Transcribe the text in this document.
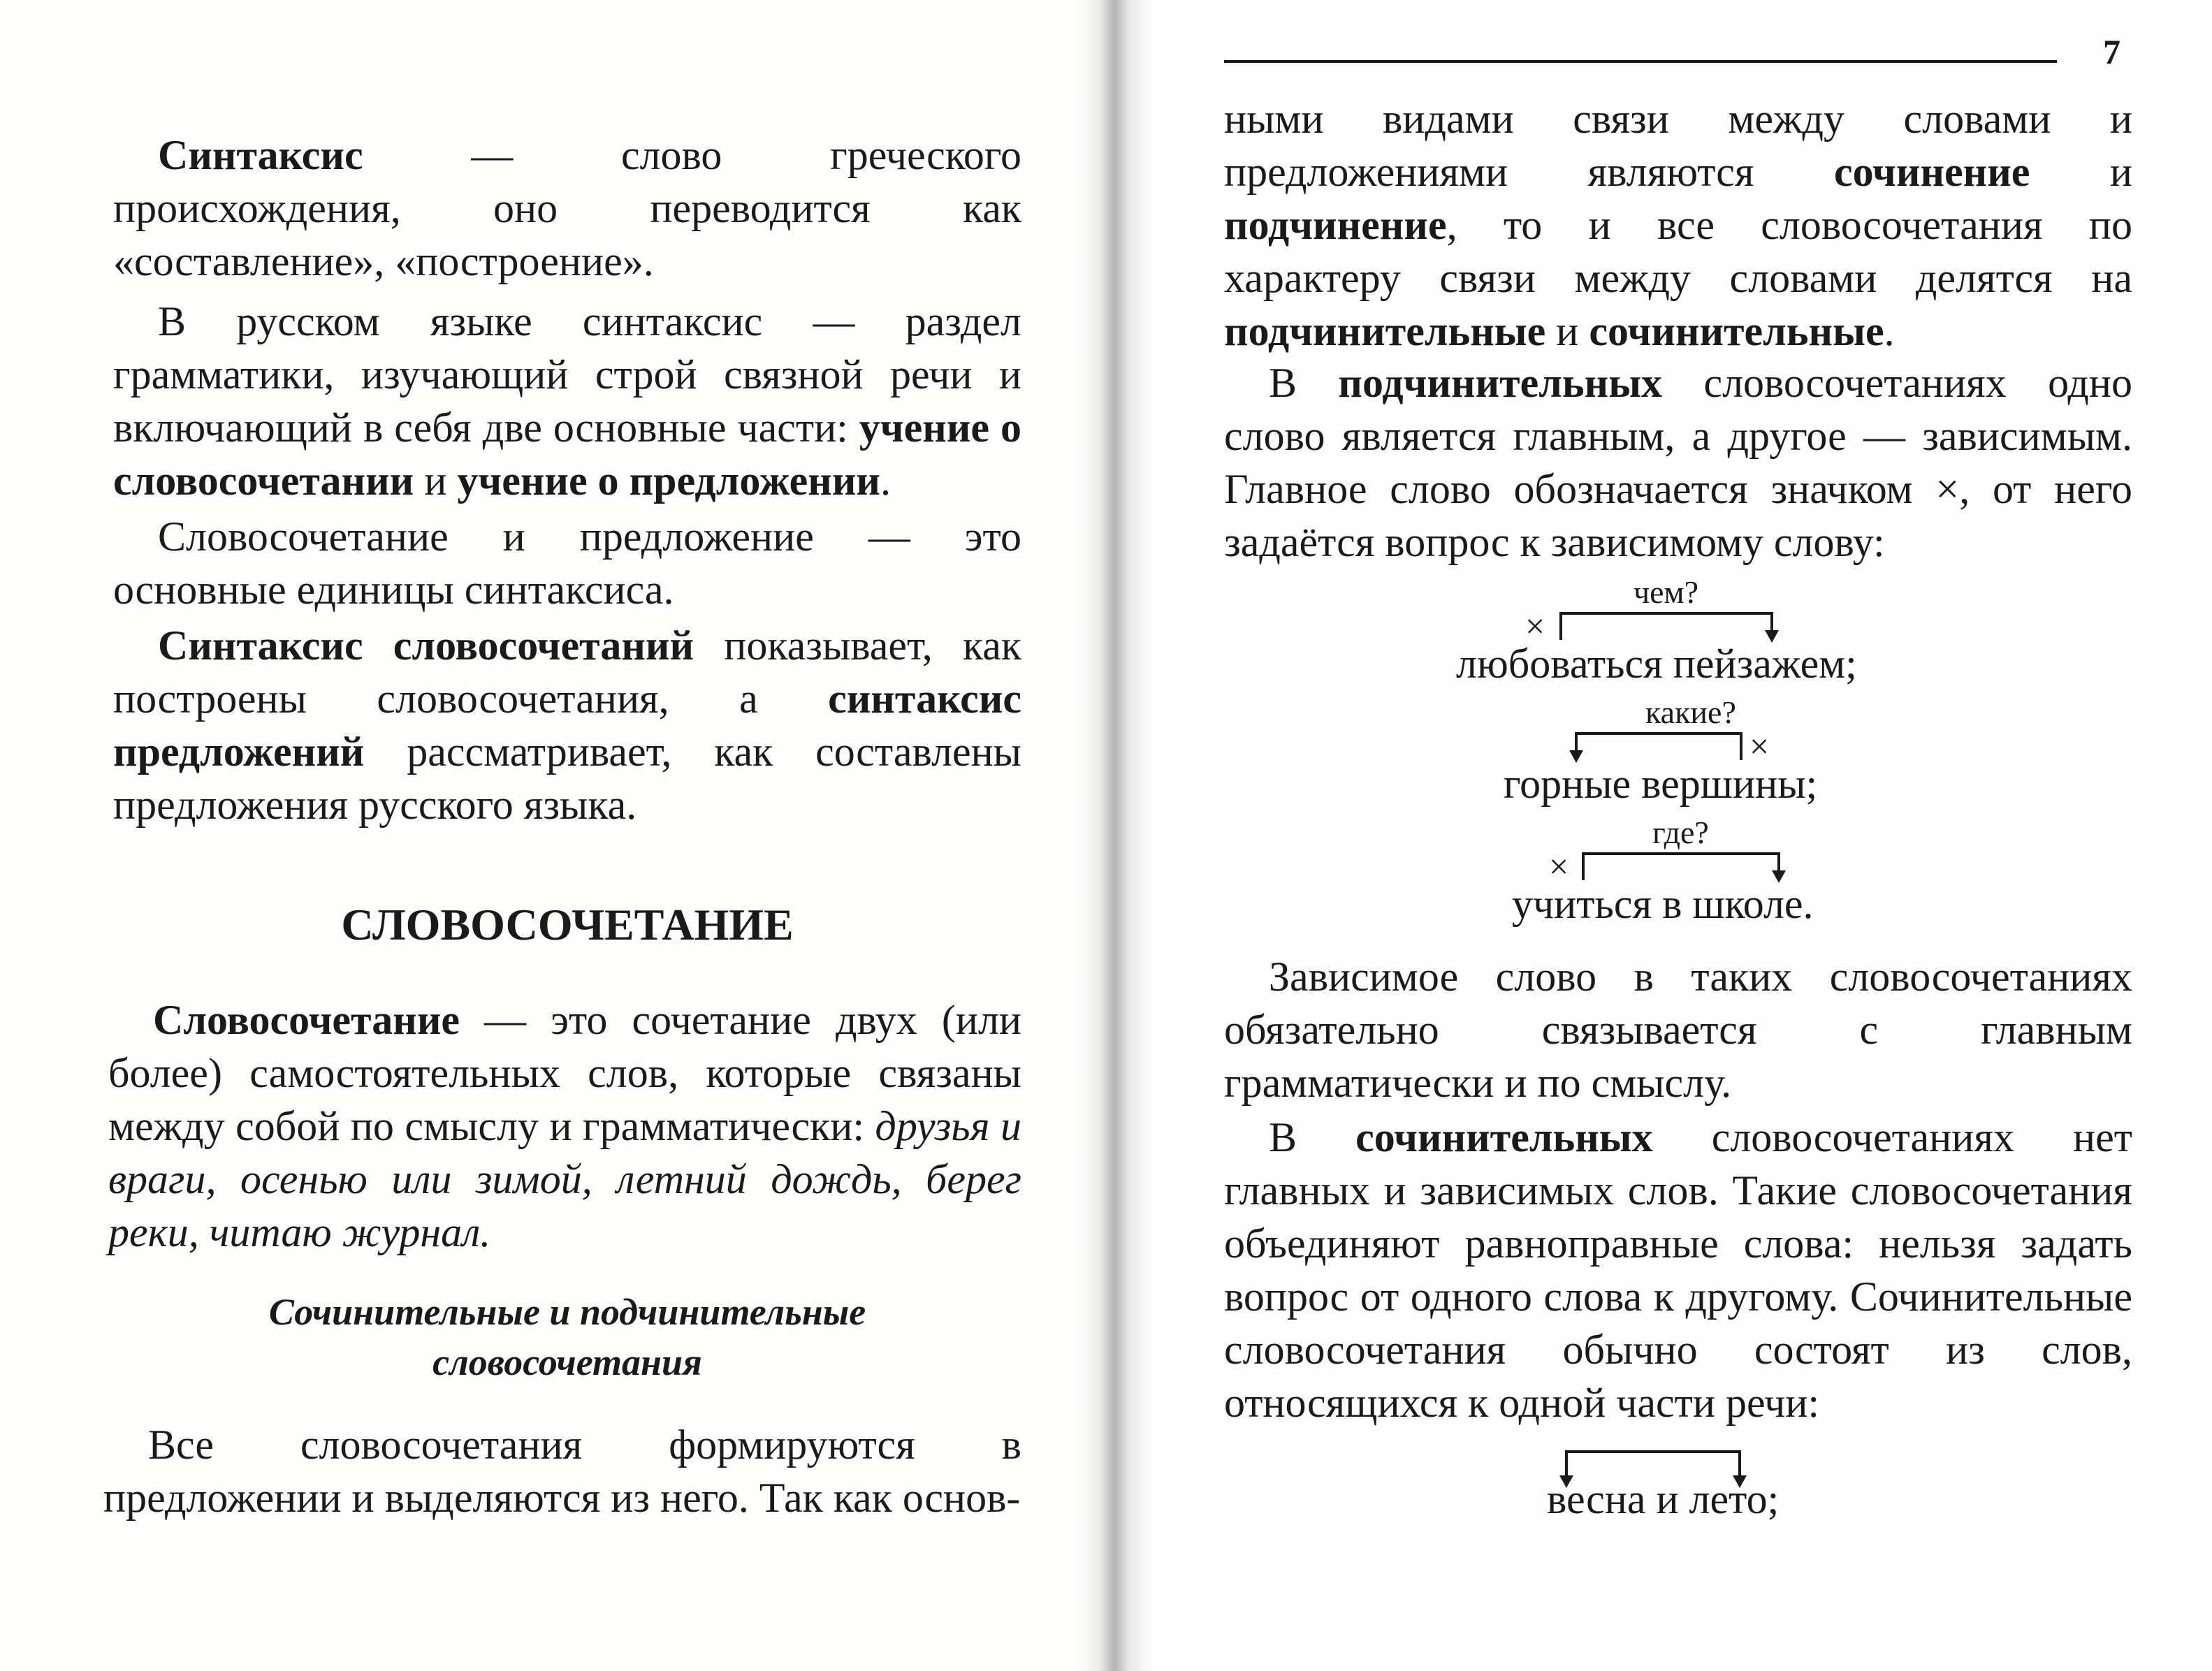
Синтаксис — слово греческого происхождения, оно переводится как «составление», «построение».

В русском языке синтаксис — раздел грамматики, изучающий строй связной речи и включающий в себя две основные части: учение о словосочетании и учение о предложении.

Словосочетание и предложение — это основные единицы синтаксиса.

Синтаксис словосочетаний показывает, как построены словосочетания, а синтаксис предложений рассматривает, как составлены предложения русского языка.

СЛОВОСОЧЕТАНИЕ

Словосочетание — это сочетание двух (или более) самостоятельных слов, которые связаны между собой по смыслу и грамматически: друзья и враги, осенью или зимой, летний дождь, берег реки, читаю журнал.

Сочинительные и подчинительные
словосочетания

Все словосочетания формируются в предложении и выделяются из него. Так как основ-

7

ными видами связи между словами и предложениями являются сочинение и подчинение, то и все словосочетания по характеру связи между словами делятся на подчинительные и сочинительные.

В подчинительных словосочетаниях одно слово является главным, а другое — зависимым. Главное слово обозначается значком ×, от него задаётся вопрос к зависимому слову:

чем?
×
любоваться пейзажем;
какие?
×
горные вершины;
где?
×
учиться в школе.

Зависимое слово в таких словосочетаниях обязательно связывается с главным грамматически и по смыслу.

В сочинительных словосочетаниях нет главных и зависимых слов. Такие словосочетания объединяют равноправные слова: нельзя задать вопрос от одного слова к другому. Сочинительные словосочетания обычно состоят из слов, относящихся к одной части речи:

весна и лето;
